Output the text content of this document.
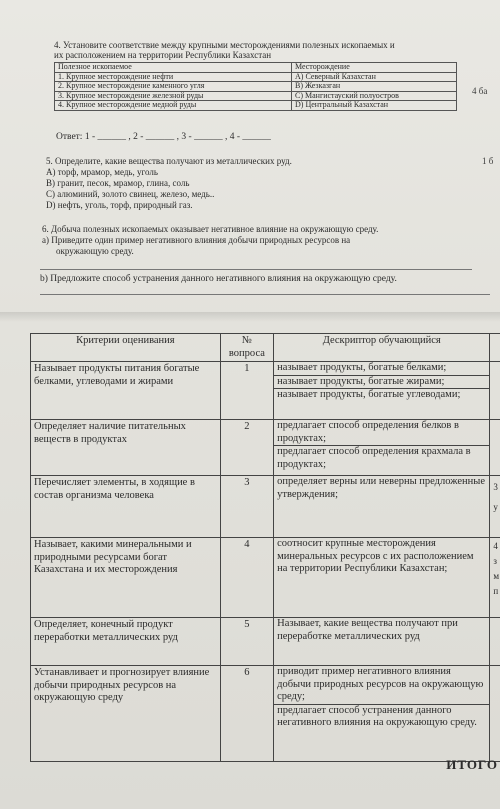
4. Установите соответствие между крупными месторождениями полезных ископаемых и
их расположением на территории Республики Казахстан
Полезное ископаемое	Месторождение
1. Крупное месторождение нефти	A) Северный Казахстан
2. Крупное месторождение каменного угля	B) Жезказган
3. Крупное месторождение железной руды	C) Мангистауский полуостров
4. Крупное месторождение медной руды	D) Центральный Казахстан
4 ба
Ответ: 1 - ______ , 2 - ______ , 3 - ______ , 4 - ______
5. Определите, какие вещества получают из металлических руд.	1 б
A) торф, мрамор, медь, уголь
B) гранит, песок, мрамор, глина, соль
C) алюминий, золото свинец, железо, медь..
D) нефть, уголь, торф, природный газ.
6. Добыча полезных ископаемых оказывает негативное влияние на окружающую среду.
a) Приведите один пример негативного влияния добычи природных ресурсов на
окружающую среду.
b) Предложите способ устранения данного негативного влияния на окружающую среду.
Критерии оценивания	№ вопроса	Дескриптор обучающийся	
Называет продукты питания богатые белками, углеводами и жирами	1	называет продукты, богатые белками;
называет продукты, богатые жирами;
называет продукты, богатые углеводами;	

Определяет наличие питательных веществ в продуктах	2	предлагает способ определения белков в продуктах;
предлагает способ определения крахмала в продуктах;	

Перечисляет элементы, в ходящие в состав организма человека	3	определяет верны или неверны предложенные утверждения;	3
у

Называет, какими минеральными и природными ресурсами богат Казахстана и их месторождения	4	соотносит крупные месторождения минеральных ресурсов с их расположением на территории Республики Казахстан;	4
з
м
п

Определяет, конечный продукт переработки металлических руд	5	Называет, какие вещества получают при переработке металлических руд	

Устанавливает и прогнозирует влияние добычи природных ресурсов на окружающую среду	6	приводит пример негативного влияния добычи природных ресурсов на окружающую среду;
предлагает способ устранения данного негативного влияния на окружающую среду.	

ИТОГО
